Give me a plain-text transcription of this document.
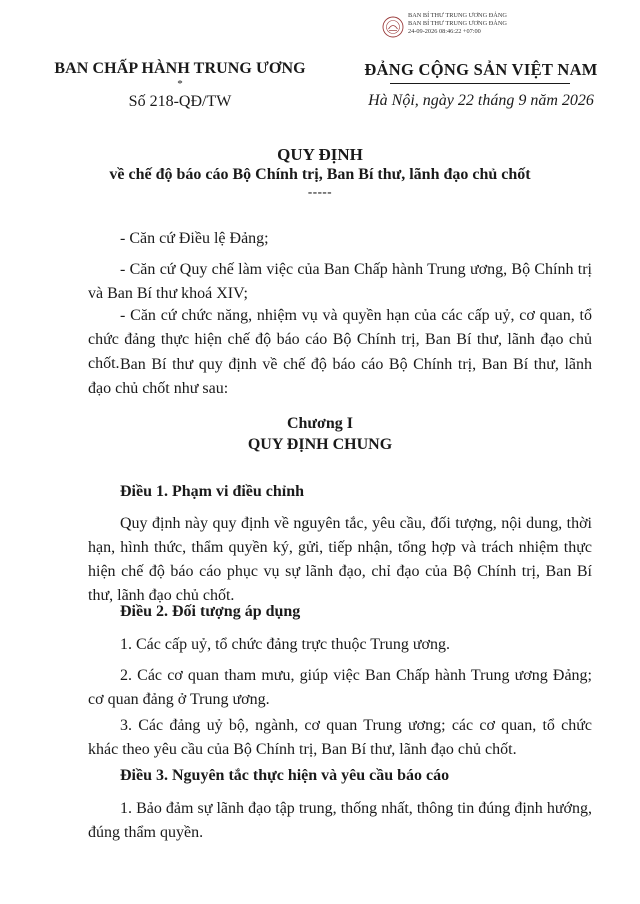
BAN BÍ THƯ TRUNG ƯƠNG ĐẢNG
BAN BÍ THƯ TRUNG ƯƠNG ĐẢNG
24-09-2026 08:46:22 +07:00
BAN CHẤP HÀNH TRUNG ƯƠNG
*
Số 218-QĐ/TW
ĐẢNG CỘNG SẢN VIỆT NAM
Hà Nội, ngày 22 tháng 9 năm 2026
QUY ĐỊNH
về chế độ báo cáo Bộ Chính trị, Ban Bí thư, lãnh đạo chủ chốt
-----
- Căn cứ Điều lệ Đảng;
- Căn cứ Quy chế làm việc của Ban Chấp hành Trung ương, Bộ Chính trị và Ban Bí thư khoá XIV;
- Căn cứ chức năng, nhiệm vụ và quyền hạn của các cấp uỷ, cơ quan, tổ chức đảng thực hiện chế độ báo cáo Bộ Chính trị, Ban Bí thư, lãnh đạo chủ chốt. Ban Bí thư quy định về chế độ báo cáo Bộ Chính trị, Ban Bí thư, lãnh đạo chủ chốt như sau:
Chương I
QUY ĐỊNH CHUNG
Điều 1. Phạm vi điều chỉnh
Quy định này quy định về nguyên tắc, yêu cầu, đối tượng, nội dung, thời hạn, hình thức, thẩm quyền ký, gửi, tiếp nhận, tổng hợp và trách nhiệm thực hiện chế độ báo cáo phục vụ sự lãnh đạo, chỉ đạo của Bộ Chính trị, Ban Bí thư, lãnh đạo chủ chốt.
Điều 2. Đối tượng áp dụng
1. Các cấp uỷ, tổ chức đảng trực thuộc Trung ương.
2. Các cơ quan tham mưu, giúp việc Ban Chấp hành Trung ương Đảng; cơ quan đảng ở Trung ương.
3. Các đảng uỷ bộ, ngành, cơ quan Trung ương; các cơ quan, tổ chức khác theo yêu cầu của Bộ Chính trị, Ban Bí thư, lãnh đạo chủ chốt.
Điều 3. Nguyên tắc thực hiện và yêu cầu báo cáo
1. Bảo đảm sự lãnh đạo tập trung, thống nhất, thông tin đúng định hướng, đúng thẩm quyền.
